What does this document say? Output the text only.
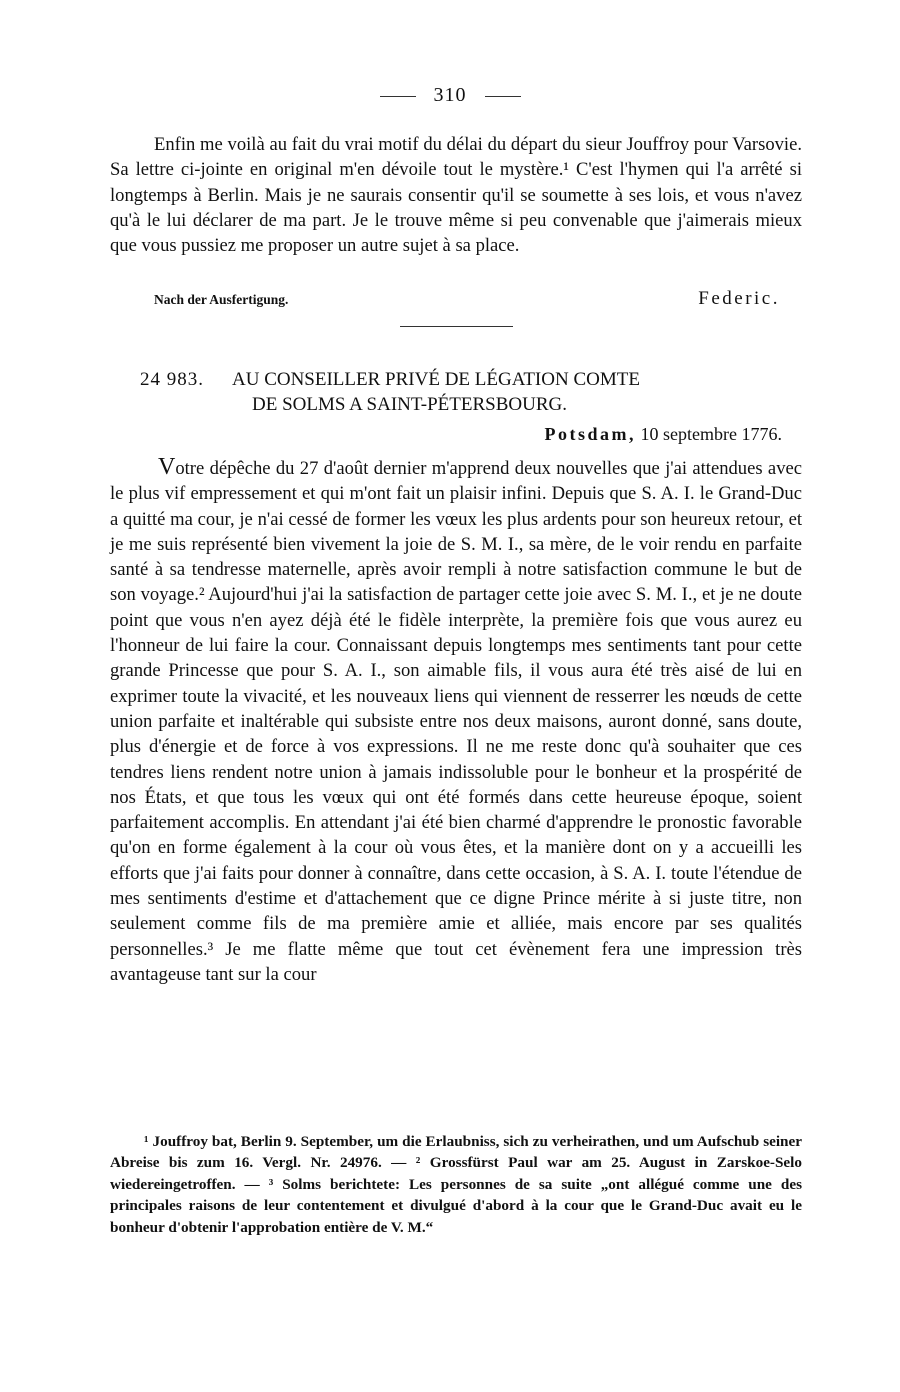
310
Enfin me voilà au fait du vrai motif du délai du départ du sieur Jouffroy pour Varsovie. Sa lettre ci-jointe en original m'en dévoile tout le mystère.¹ C'est l'hymen qui l'a arrêté si longtemps à Berlin. Mais je ne saurais consentir qu'il se soumette à ses lois, et vous n'avez qu'à le lui déclarer de ma part. Je le trouve même si peu convenable que j'aimerais mieux que vous pussiez me proposer un autre sujet à sa place.
Nach der Ausfertigung.	Federic.
24 983. AU CONSEILLER PRIVÉ DE LÉGATION COMTE
DE SOLMS A SAINT-PÉTERSBOURG.
Potsdam, 10 septembre 1776.
Votre dépêche du 27 d'août dernier m'apprend deux nouvelles que j'ai attendues avec le plus vif empressement et qui m'ont fait un plaisir infini. Depuis que S. A. I. le Grand-Duc a quitté ma cour, je n'ai cessé de former les vœux les plus ardents pour son heureux retour, et je me suis représenté bien vivement la joie de S. M. I., sa mère, de le voir rendu en parfaite santé à sa tendresse maternelle, après avoir rempli à notre satisfaction commune le but de son voyage.² Aujourd'hui j'ai la satisfaction de partager cette joie avec S. M. I., et je ne doute point que vous n'en ayez déjà été le fidèle interprète, la première fois que vous aurez eu l'honneur de lui faire la cour. Connaissant depuis longtemps mes sentiments tant pour cette grande Princesse que pour S. A. I., son aimable fils, il vous aura été très aisé de lui en exprimer toute la vivacité, et les nouveaux liens qui viennent de resserrer les nœuds de cette union parfaite et inaltérable qui subsiste entre nos deux maisons, auront donné, sans doute, plus d'énergie et de force à vos expressions. Il ne me reste donc qu'à souhaiter que ces tendres liens rendent notre union à jamais indissoluble pour le bonheur et la prospérité de nos États, et que tous les vœux qui ont été formés dans cette heureuse époque, soient parfaitement accomplis. En attendant j'ai été bien charmé d'apprendre le pronostic favorable qu'on en forme également à la cour où vous êtes, et la manière dont on y a accueilli les efforts que j'ai faits pour donner à connaître, dans cette occasion, à S. A. I. toute l'étendue de mes sentiments d'estime et d'attachement que ce digne Prince mérite à si juste titre, non seulement comme fils de ma première amie et alliée, mais encore par ses qualités personnelles.³ Je me flatte même que tout cet évènement fera une impression très avantageuse tant sur la cour
¹ Jouffroy bat, Berlin 9. September, um die Erlaubniss, sich zu verheirathen, und um Aufschub seiner Abreise bis zum 16. Vergl. Nr. 24976. — ² Grossfürst Paul war am 25. August in Zarskoe-Selo wiedereingetroffen. — ³ Solms berichtete: Les personnes de sa suite „ont allégué comme une des principales raisons de leur contentement et divulgué d'abord à la cour que le Grand-Duc avait eu le bonheur d'obtenir l'approbation entière de V. M.“
